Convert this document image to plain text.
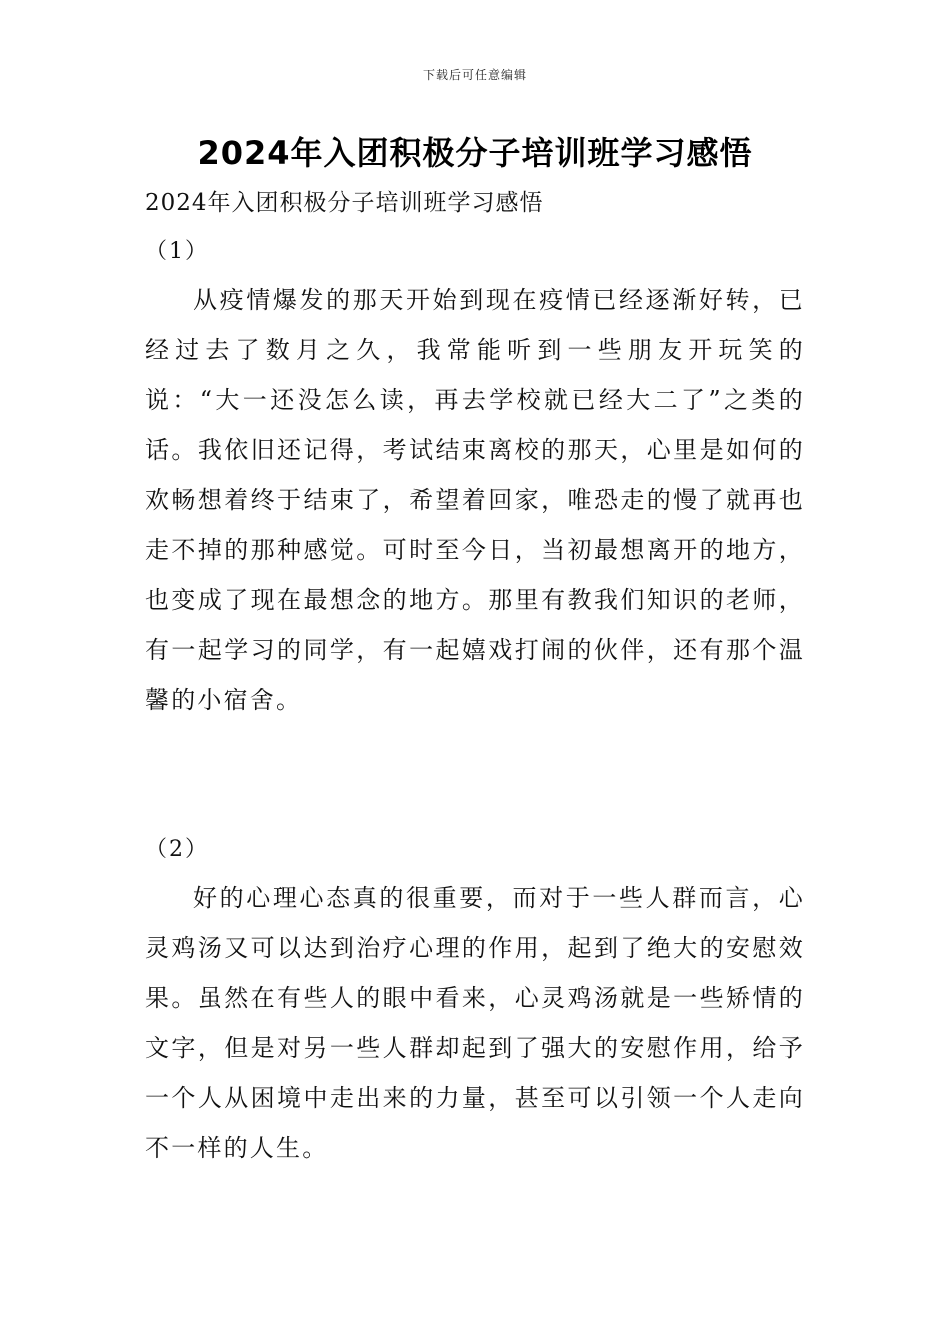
下载后可任意编辑
2024年入团积极分子培训班学习感悟
2024年入团积极分子培训班学习感悟
（1）

从疫情爆发的那天开始到现在疫情已经逐渐好转，已经过去了数月之久，我常能听到一些朋友开玩笑的说：“大一还没怎么读，再去学校就已经大二了”之类的话。我依旧还记得，考试结束离校的那天，心里是如何的欢畅想着终于结束了，希望着回家，唯恐走的慢了就再也走不掉的那种感觉。可时至今日，当初最想离开的地方，也变成了现在最想念的地方。那里有教我们知识的老师，有一起学习的同学，有一起嬉戏打闹的伙伴，还有那个温馨的小宿舍。

（2）

好的心理心态真的很重要，而对于一些人群而言，心灵鸡汤又可以达到治疗心理的作用，起到了绝大的安慰效果。虽然在有些人的眼中看来，心灵鸡汤就是一些矫情的文字，但是对另一些人群却起到了强大的安慰作用，给予一个人从困境中走出来的力量，甚至可以引领一个人走向不一样的人生。
